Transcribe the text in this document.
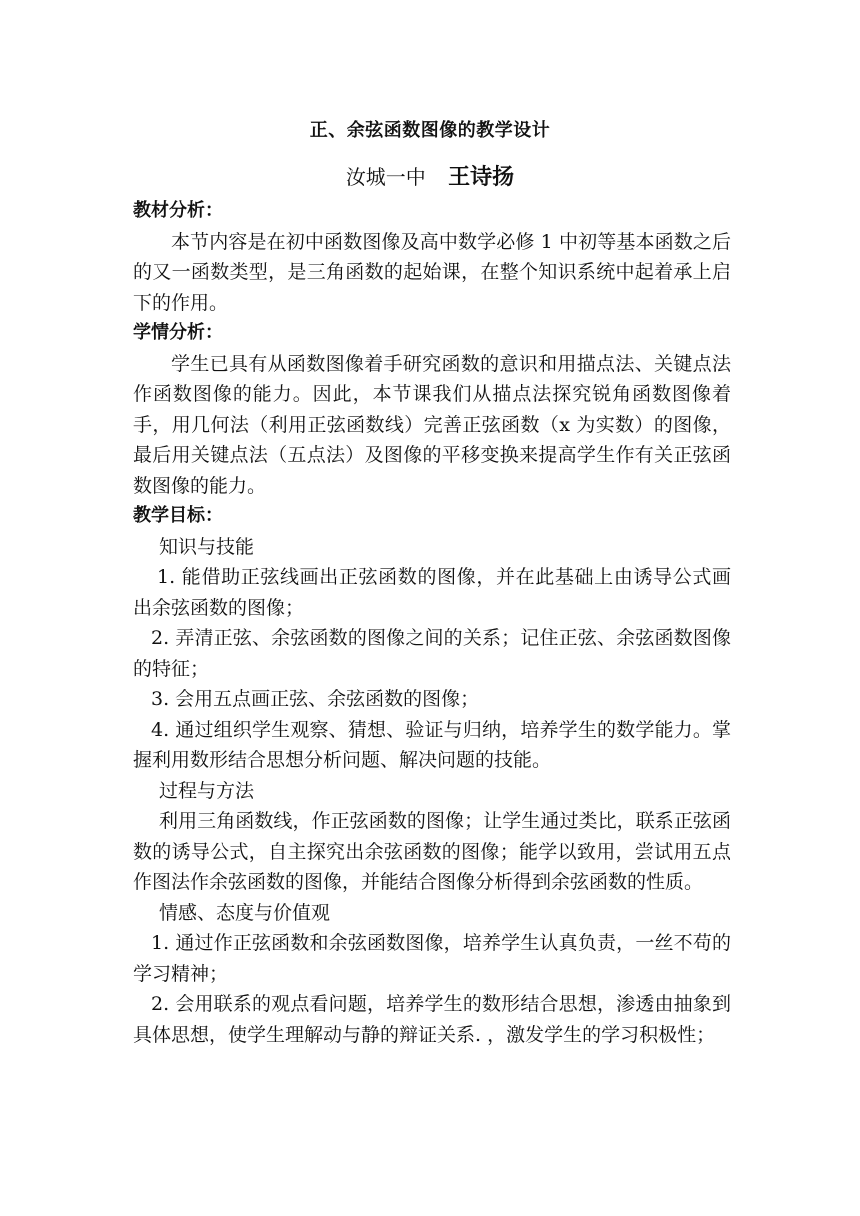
正、余弦函数图像的教学设计
汝城一中 王诗扬
教材分析：
本节内容是在初中函数图像及高中数学必修 1 中初等基本函数之后的又一函数类型，是三角函数的起始课，在整个知识系统中起着承上启下的作用。
学情分析：
学生已具有从函数图像着手研究函数的意识和用描点法、关键点法作函数图像的能力。因此，本节课我们从描点法探究锐角函数图像着手，用几何法（利用正弦函数线）完善正弦函数（x 为实数）的图像，最后用关键点法（五点法）及图像的平移变换来提高学生作有关正弦函数图像的能力。
教学目标：
知识与技能
1. 能借助正弦线画出正弦函数的图像，并在此基础上由诱导公式画出余弦函数的图像；
2. 弄清正弦、余弦函数的图像之间的关系；记住正弦、余弦函数图像的特征；
3. 会用五点画正弦、余弦函数的图像；
4. 通过组织学生观察、猜想、验证与归纳，培养学生的数学能力。掌握利用数形结合思想分析问题、解决问题的技能。
过程与方法
利用三角函数线，作正弦函数的图像；让学生通过类比，联系正弦函数的诱导公式，自主探究出余弦函数的图像；能学以致用，尝试用五点作图法作余弦函数的图像，并能结合图像分析得到余弦函数的性质。
情感、态度与价值观
1. 通过作正弦函数和余弦函数图像，培养学生认真负责，一丝不苟的学习精神；
2. 会用联系的观点看问题，培养学生的数形结合思想，渗透由抽象到具体思想，使学生理解动与静的辩证关系. ，激发学生的学习积极性；
